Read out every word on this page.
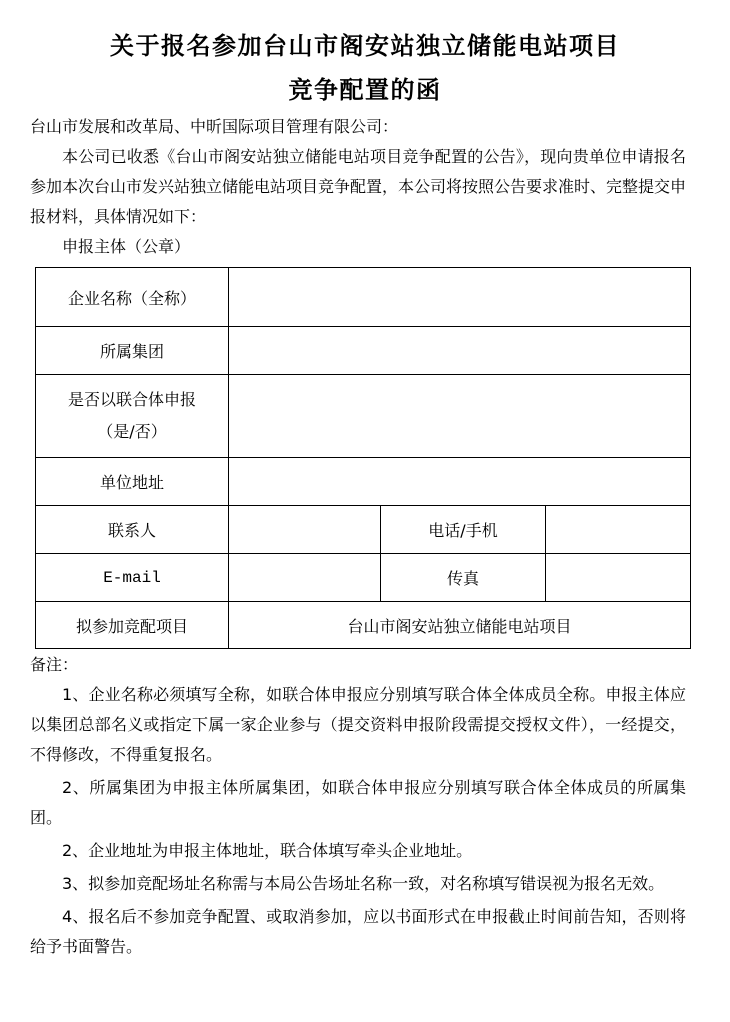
关于报名参加台山市阁安站独立储能电站项目
竞争配置的函

台山市发展和改革局、中昕国际项目管理有限公司：

本公司已收悉《台山市阁安站独立储能电站项目竞争配置的公告》，现向贵单位申请报名参加本次台山市发兴站独立储能电站项目竞争配置，本公司将按照公告要求准时、完整提交申报材料，具体情况如下：

申报主体（公章）

企业名称（全称）			
所属集团			

是否以联合体申报
（是/否）			

单位地址			
联系人		电话/手机	
E-mail		传真	
拟参加竞配项目	台山市阁安站独立储能电站项目		

备注：

1、企业名称必须填写全称，如联合体申报应分别填写联合体全体成员全称。申报主体应以集团总部名义或指定下属一家企业参与（提交资料申报阶段需提交授权文件），一经提交，不得修改，不得重复报名。

2、所属集团为申报主体所属集团，如联合体申报应分别填写联合体全体成员的所属集团。

2、企业地址为申报主体地址，联合体填写牵头企业地址。

3、拟参加竞配场址名称需与本局公告场址名称一致，对名称填写错误视为报名无效。

4、报名后不参加竞争配置、或取消参加，应以书面形式在申报截止时间前告知，否则将给予书面警告。
